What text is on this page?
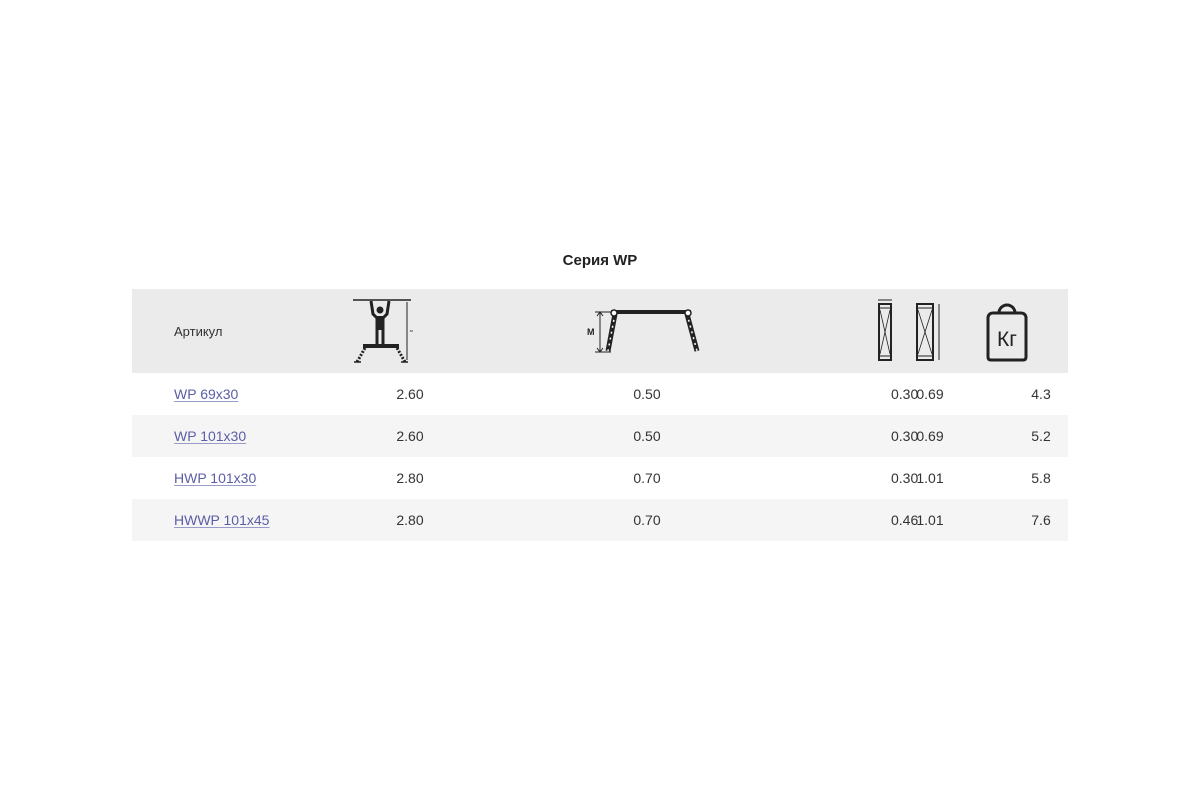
Серия WP
Артикул	м	M			Кг

WP 69x30	2.60	0.50	0.30	0.69	4.3
WP 101x30	2.60	0.50	0.30	0.69	5.2
HWP 101x30	2.80	0.70	0.30	1.01	5.8
HWWP 101x45	2.80	0.70	0.46	1.01	7.6
